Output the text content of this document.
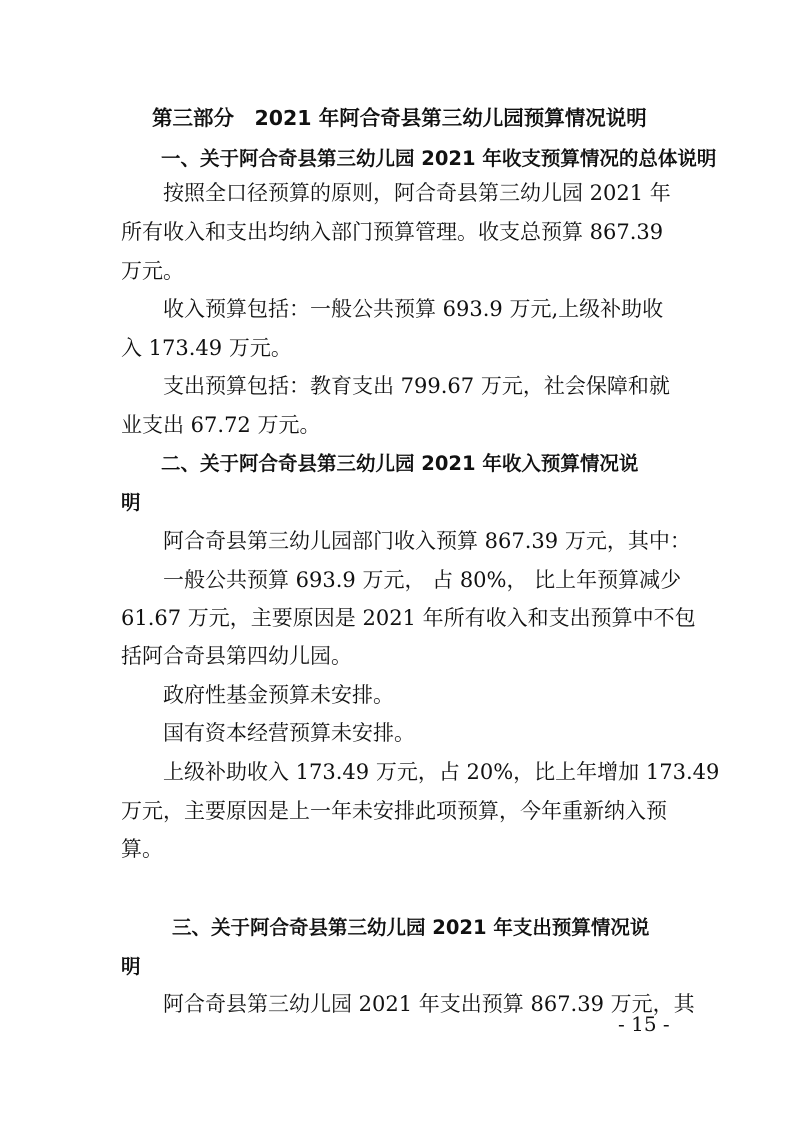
第三部分　2021 年阿合奇县第三幼儿园预算情况说明
一、关于阿合奇县第三幼儿园 2021 年收支预算情况的总体说明

按照全口径预算的原则，阿合奇县第三幼儿园 2021 年

所有收入和支出均纳入部门预算管理。收支总预算 867.39

万元。

收入预算包括：一般公共预算 693.9 万元,上级补助收

入 173.49 万元。

支出预算包括：教育支出 799.67 万元，社会保障和就

业支出 67.72 万元。

二、关于阿合奇县第三幼儿园 2021 年收入预算情况说
明

阿合奇县第三幼儿园部门收入预算 867.39 万元，其中：

一般公共预算 693.9 万元， 占 80%， 比上年预算减少

61.67 万元，主要原因是 2021 年所有收入和支出预算中不包

括阿合奇县第四幼儿园。

政府性基金预算未安排。

国有资本经营预算未安排。

上级补助收入 173.49 万元，占 20%，比上年增加 173.49

万元，主要原因是上一年未安排此项预算，今年重新纳入预

算。

三、关于阿合奇县第三幼儿园 2021 年支出预算情况说
明

阿合奇县第三幼儿园 2021 年支出预算 867.39 万元，其

- 15 -
